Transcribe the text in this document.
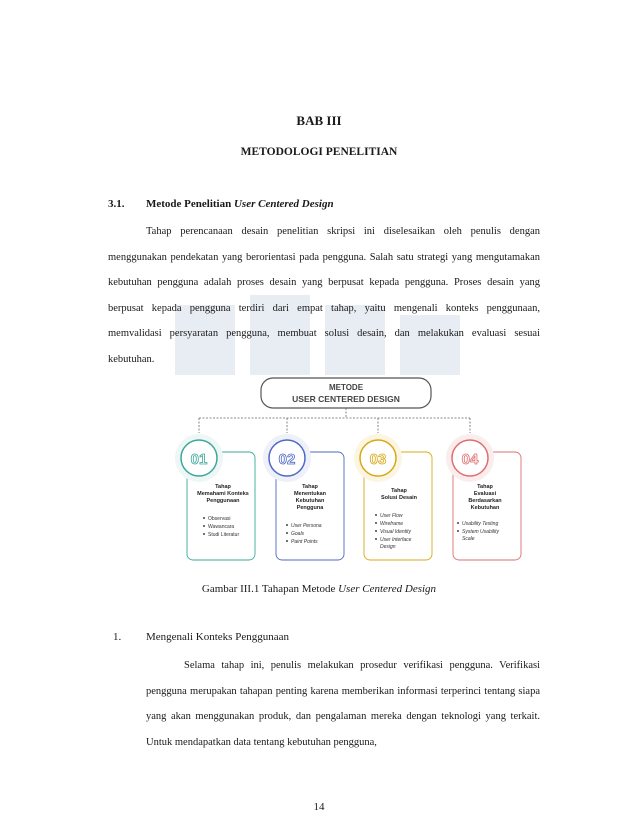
BAB III
METODOLOGI PENELITIAN
3.1. Metode Penelitian User Centered Design

Tahap perencanaan desain penelitian skripsi ini diselesaikan oleh penulis dengan menggunakan pendekatan yang berorientasi pada pengguna. Salah satu strategi yang mengutamakan kebutuhan pengguna adalah proses desain yang berpusat kepada pengguna. Proses desain yang berpusat kepada pengguna terdiri dari empat tahap, yaitu mengenali konteks penggunaan, memvalidasi persyaratan pengguna, membuat solusi desain, dan melakukan evaluasi sesuai kebutuhan.

METODE
USER CENTERED DESIGN
01
Tahap
Memahami Konteks
Penggunaan
Observasi
Wawancara
Studi Literatur
02
Tahap
Menentukan
Kebutuhan
Pengguna
User Persona
Goals
Paint Points
03
Tahap
Solusi Desain
User Flow
Wireframe
Visual Identity
User Interface
Design
04
Tahap
Evaluasi
Berdasarkan
Kebutuhan
Usability Testing
System Usability
Scale
Gambar III.1 Tahapan Metode User Centered Design
1. Mengenali Konteks Penggunaan

Selama tahap ini, penulis melakukan prosedur verifikasi pengguna. Verifikasi pengguna merupakan tahapan penting karena memberikan informasi terperinci tentang siapa yang akan menggunakan produk, dan pengalaman mereka dengan teknologi yang terkait. Untuk mendapatkan data tentang kebutuhan pengguna,

14
